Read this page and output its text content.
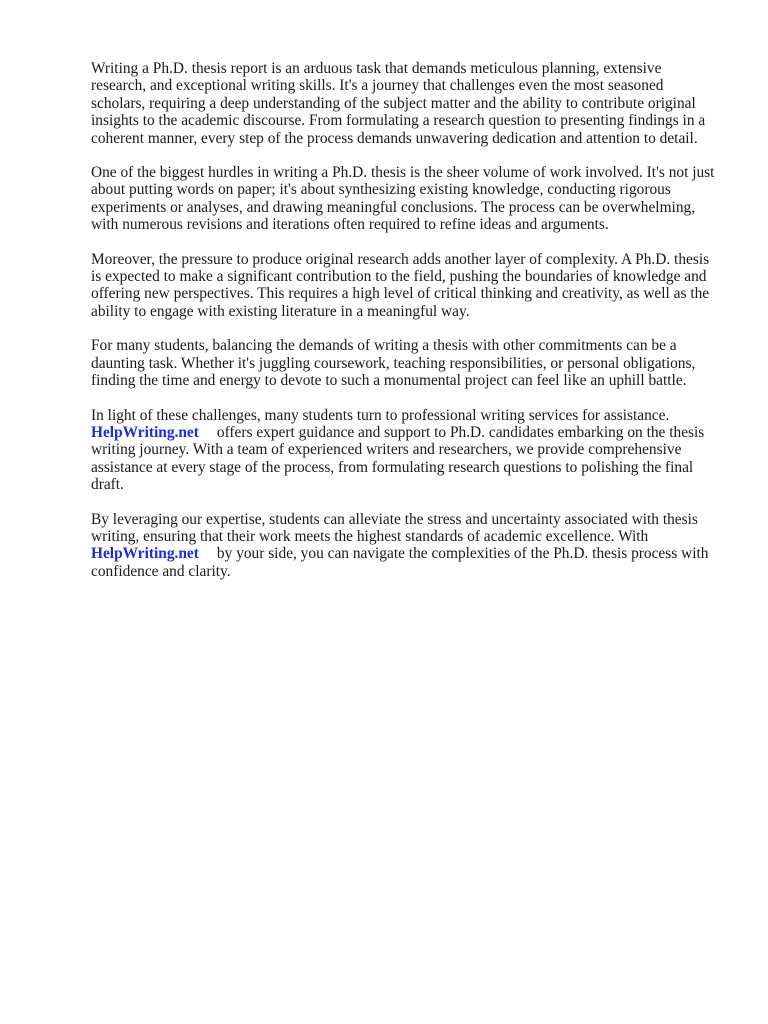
Writing a Ph.D. thesis report is an arduous task that demands meticulous planning, extensive research, and exceptional writing skills. It's a journey that challenges even the most seasoned scholars, requiring a deep understanding of the subject matter and the ability to contribute original insights to the academic discourse. From formulating a research question to presenting findings in a coherent manner, every step of the process demands unwavering dedication and attention to detail.

One of the biggest hurdles in writing a Ph.D. thesis is the sheer volume of work involved. It's not just about putting words on paper; it's about synthesizing existing knowledge, conducting rigorous experiments or analyses, and drawing meaningful conclusions. The process can be overwhelming, with numerous revisions and iterations often required to refine ideas and arguments.

Moreover, the pressure to produce original research adds another layer of complexity. A Ph.D. thesis is expected to make a significant contribution to the field, pushing the boundaries of knowledge and offering new perspectives. This requires a high level of critical thinking and creativity, as well as the ability to engage with existing literature in a meaningful way.

For many students, balancing the demands of writing a thesis with other commitments can be a daunting task. Whether it's juggling coursework, teaching responsibilities, or personal obligations, finding the time and energy to devote to such a monumental project can feel like an uphill battle.

In light of these challenges, many students turn to professional writing services for assistance.
HelpWriting.net offers expert guidance and support to Ph.D. candidates embarking on the thesis writing journey. With a team of experienced writers and researchers, we provide comprehensive assistance at every stage of the process, from formulating research questions to polishing the final draft.

By leveraging our expertise, students can alleviate the stress and uncertainty associated with thesis writing, ensuring that their work meets the highest standards of academic excellence. With
HelpWriting.net by your side, you can navigate the complexities of the Ph.D. thesis process with confidence and clarity.
